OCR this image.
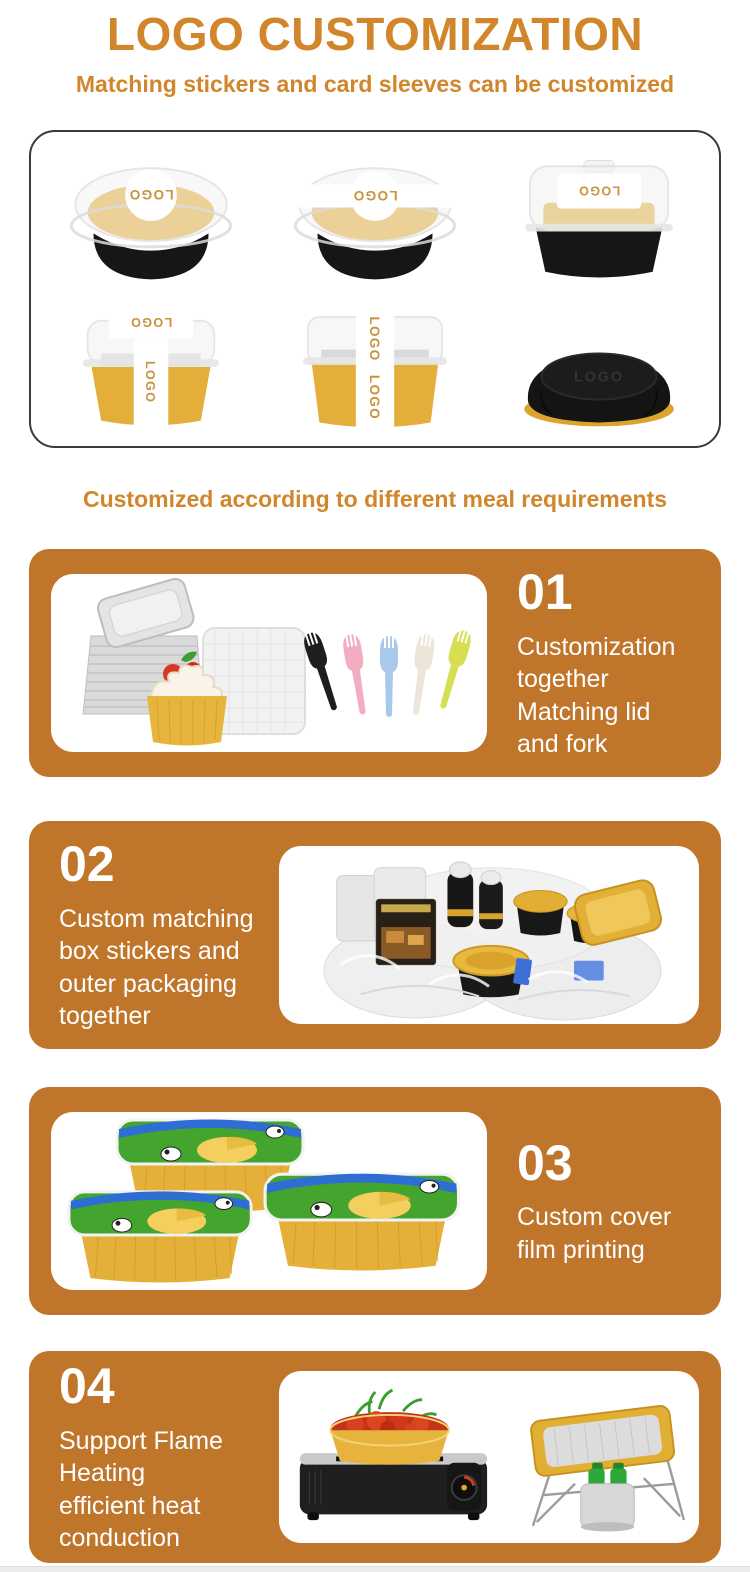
LOGO CUSTOMIZATION
Matching stickers and card sleeves can be customized
LOGO	LOGO	LOGO
LOGO
LOGO
LOGO
LOGO	LOGO
Customized according to different meal requirements
01
Customization
together
Matching lid
and fork
02
Custom matching
box stickers and
outer packaging
together
03
Custom cover
film printing
04
Support Flame
Heating
efficient heat
conduction
